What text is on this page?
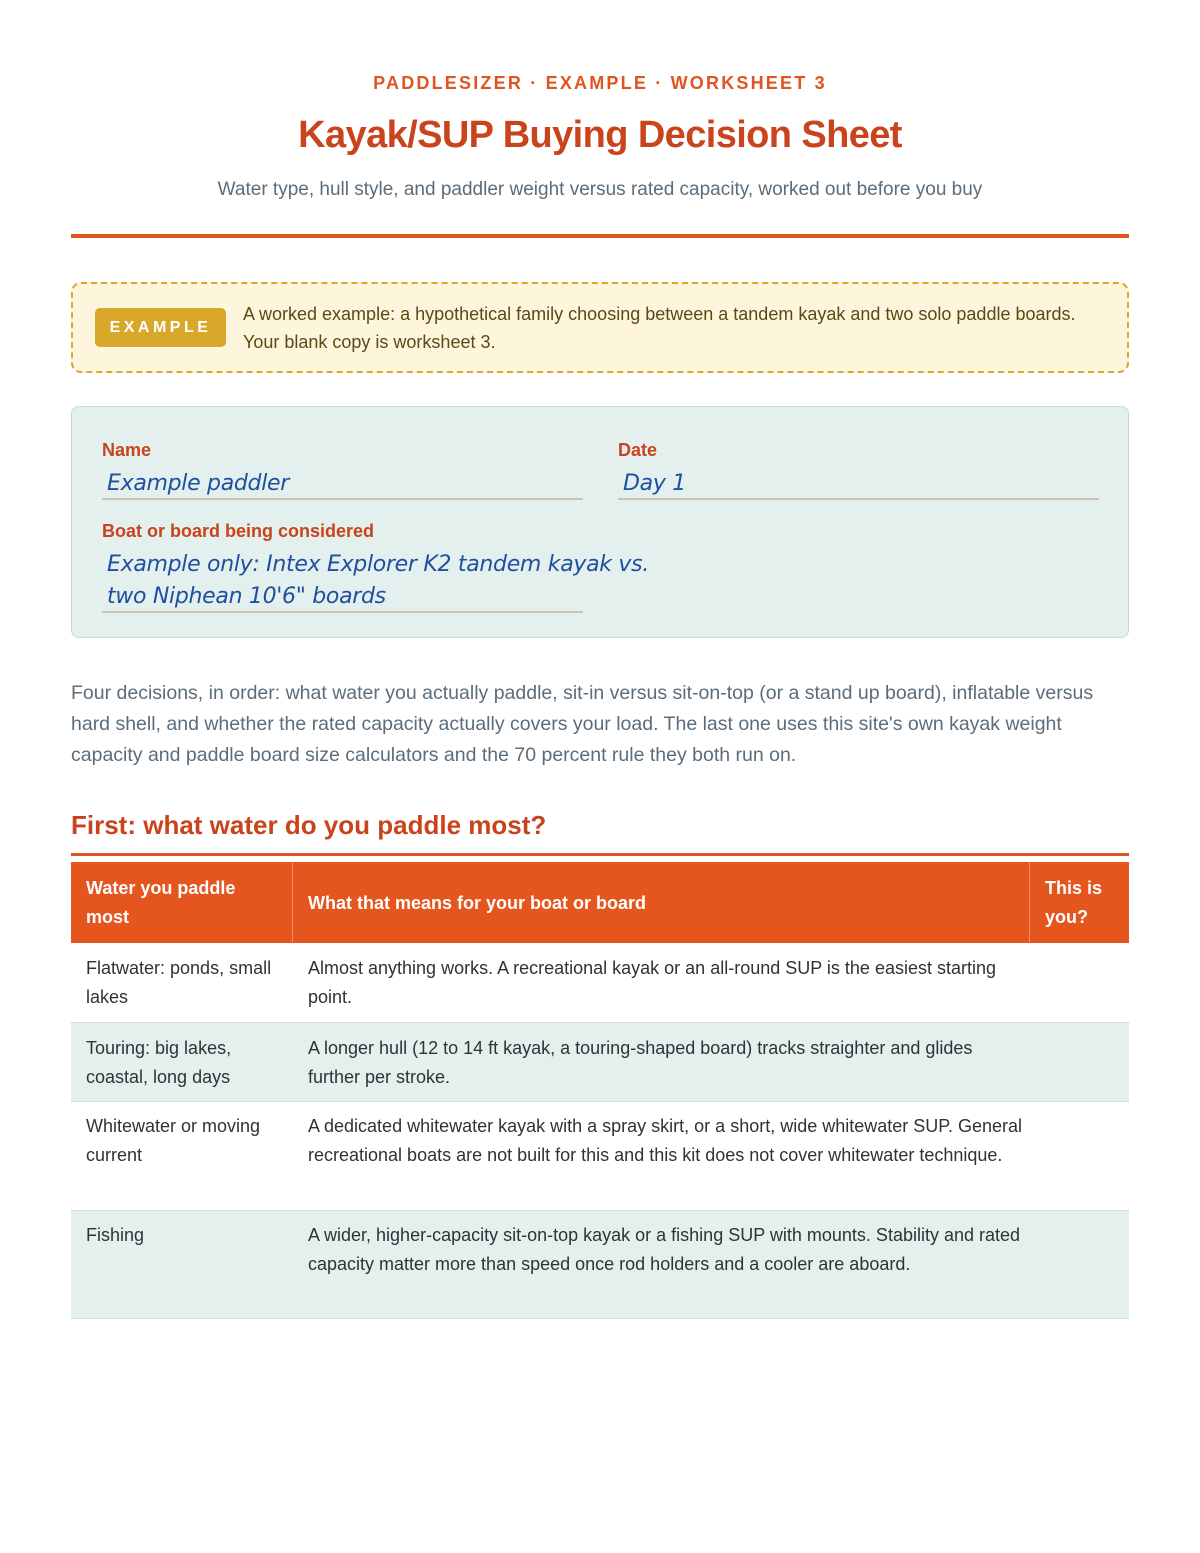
PADDLESIZER · EXAMPLE · WORKSHEET 3
Kayak/SUP Buying Decision Sheet
Water type, hull style, and paddler weight versus rated capacity, worked out before you buy
EXAMPLE
A worked example: a hypothetical family choosing between a tandem kayak and two solo paddle boards. Your blank copy is worksheet 3.
Name
Example paddler
Date
Day 1
Boat or board being considered
Example only: Intex Explorer K2 tandem kayak vs.
two Niphean 10'6" boards

Four decisions, in order: what water you actually paddle, sit-in versus sit-on-top (or a stand up board), inflatable versus hard shell, and whether the rated capacity actually covers your load. The last one uses this site's own kayak weight capacity and paddle board size calculators and the 70 percent rule they both run on.

First: what water do you paddle most?
Water you paddle most
What that means for your boat or board
This is you?
Flatwater: ponds, small lakes
Almost anything works. A recreational kayak or an all-round SUP is the easiest starting point.
Touring: big lakes, coastal, long days
A longer hull (12 to 14 ft kayak, a touring-shaped board) tracks straighter and glides further per stroke.
Whitewater or moving current
A dedicated whitewater kayak with a spray skirt, or a short, wide whitewater SUP. General recreational boats are not built for this and this kit does not cover whitewater technique.
Fishing	A wider, higher-capacity sit-on-top kayak or a fishing SUP with mounts. Stability and rated capacity matter more than speed once rod holders and a cooler are aboard.
